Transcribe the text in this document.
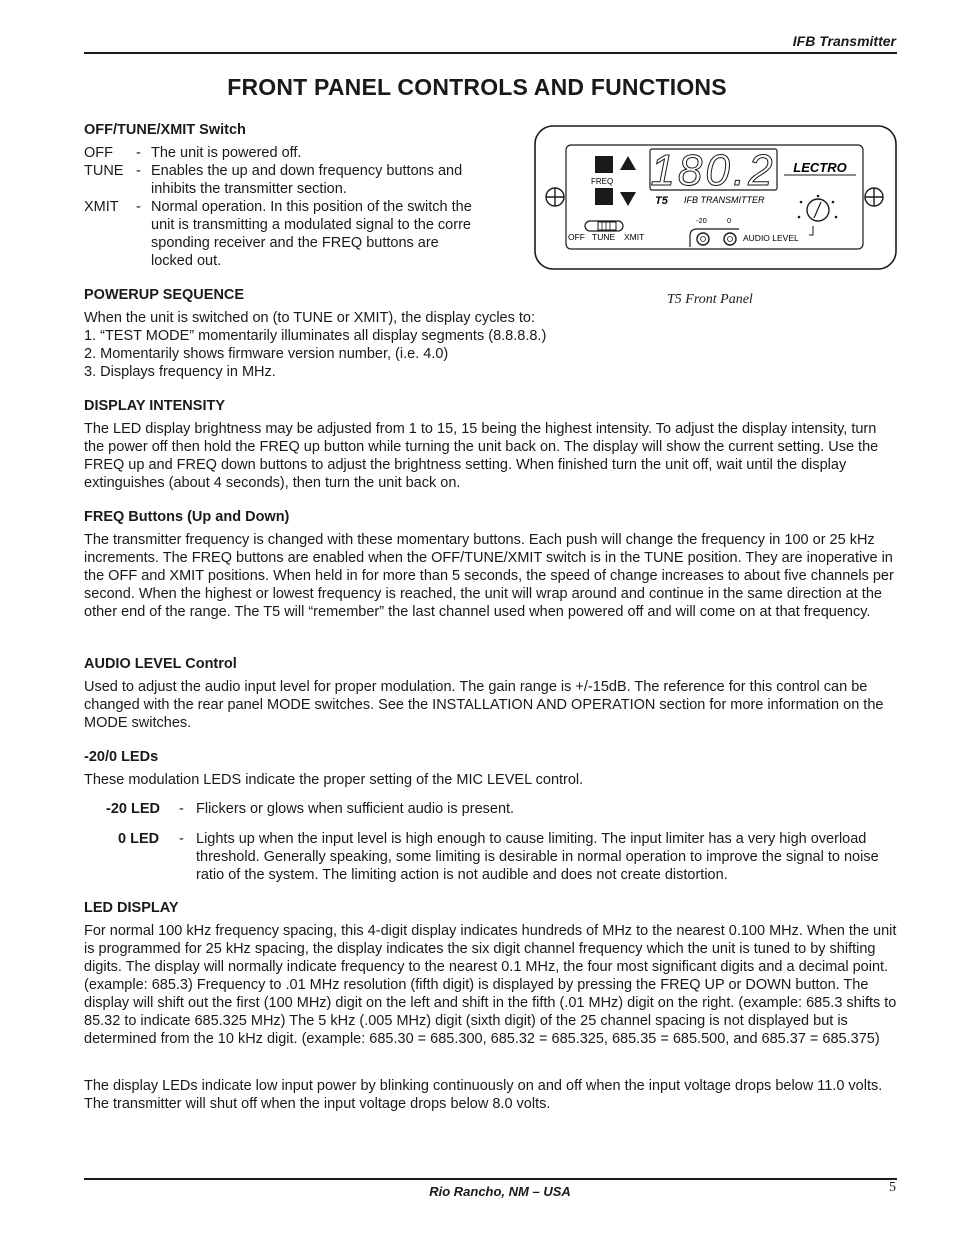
IFB Transmitter
FRONT PANEL CONTROLS AND FUNCTIONS
OFF/TUNE/XMIT Switch
OFF - The unit is powered off.
TUNE - Enables the up and down frequency buttons and
inhibits the transmitter section.
XMIT - Normal operation. In this position of the switch the
unit is transmitting a modulated signal to the corre
sponding receiver and the FREQ buttons are
locked out.
FREQ
OFF TUNE XMIT
180.2 LECTRO
T5 IFB TRANSMITTER
-20	0
AUDIO LEVEL
T5 Front Panel
POWERUP SEQUENCE
When the unit is switched on (to TUNE or XMIT), the display cycles to:
1. “TEST MODE” momentarily illuminates all display segments (8.8.8.8.)
2. Momentarily shows firmware version number, (i.e. 4.0)
3. Displays frequency in MHz.
DISPLAY INTENSITY

The LED display brightness may be adjusted from 1 to 15, 15 being the highest intensity. To adjust the display intensity, turn the power off then hold the FREQ up button while turning the unit back on. The display will show the current setting. Use the FREQ up and FREQ down buttons to adjust the brightness setting. When finished turn the unit off, wait until the display extinguishes (about 4 seconds), then turn the unit back on.

FREQ Buttons (Up and Down)

The transmitter frequency is changed with these momentary buttons. Each push will change the frequency in 100 or 25 kHz increments. The FREQ buttons are enabled when the OFF/TUNE/XMIT switch is in the TUNE position. They are inoperative in the OFF and XMIT positions. When held in for more than 5 seconds, the speed of change increases to about five channels per second. When the highest or lowest frequency is reached, the unit will wrap around and continue in the same direction at the other end of the range. The T5 will “remember” the last channel used when powered off and will come on at that frequency.

AUDIO LEVEL Control

Used to adjust the audio input level for proper modulation. The gain range is +/-15dB. The reference for this control can be changed with the rear panel MODE switches. See the INSTALLATION AND OPERATION section for more information on the MODE switches.

-20/0 LEDs
These modulation LEDS indicate the proper setting of the MIC LEVEL control.
-20 LED - Flickers or glows when sufficient audio is present.
0 LED - Lights up when the input level is high enough to cause limiting. The input limiter has a very high overload threshold. Generally speaking, some limiting is desirable in normal operation to improve the signal to noise ratio of the system. The limiting action is not audible and does not create distortion.

LED DISPLAY

For normal 100 kHz frequency spacing, this 4-digit display indicates hundreds of MHz to the nearest 0.100 MHz. When the unit is programmed for 25 kHz spacing, the display indicates the six digit channel frequency which the unit is tuned to by shifting digits. The display will normally indicate frequency to the nearest 0.1 MHz, the four most significant digits and a decimal point. (example: 685.3) Frequency to .01 MHz resolution (fifth digit) is displayed by pressing the FREQ UP or DOWN button. The display will shift out the first (100 MHz) digit on the left and shift in the fifth (.01 MHz) digit on the right. (example: 685.3 shifts to 85.32 to indicate 685.325 MHz) The 5 kHz (.005 MHz) digit (sixth digit) of the 25 channel spacing is not displayed but is determined from the 10 kHz digit. (example: 685.30 = 685.300, 685.32 = 685.325, 685.35 = 685.500, and 685.37 = 685.375)

The display LEDs indicate low input power by blinking continuously on and off when the input voltage drops below 11.0 volts. The transmitter will shut off when the input voltage drops below 8.0 volts.

Rio Rancho, NM – USA	5
